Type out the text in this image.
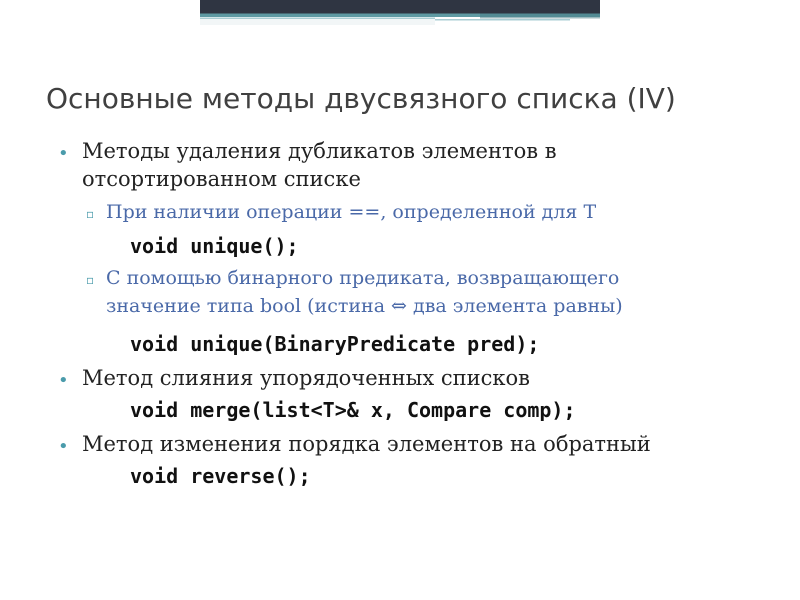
Основные методы двусвязного списка (IV)
• Методы удаления дубликатов элементов в
отсортированном списке
▫ При наличии операции ==, определенной для T
void unique();
▫ С помощью бинарного предиката, возвращающего
значение типа bool (истина ⇔ два элемента равны)
void unique(BinaryPredicate pred);
• Метод слияния упорядоченных списков
void merge(list<T>& x, Compare comp);
• Метод изменения порядка элементов на обратный
void reverse();
